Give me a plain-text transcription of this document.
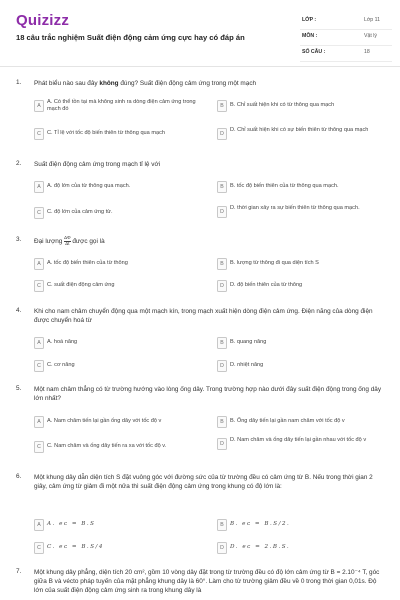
Quizizz
18 câu trắc nghiệm Suất điện động cảm ứng cực hay có đáp án
LỚP :	Lớp 11
MÔN :	Vật lý
SỐ CÂU :	18
1. Phát biểu nào sau đây không đúng? Suất điện động cảm ứng trong một mạch
A
A. Có thể tồn tại mà không sinh ra dòng điện cảm ứng trong mạch đó
B	B. Chỉ suất hiện khi có từ thông qua mạch
C	C. Tỉ lệ với tốc độ biến thiên từ thông qua mạch	D
D. Chỉ suất hiện khi có sự biến thiên từ thông qua mạch
2. Suất điện động cảm ứng trong mạch tỉ lệ với
A	A. độ lớn của từ thông qua mạch.	B	B. tốc độ biến thiên của từ thông qua mạch.
C	C. độ lớn của cảm ứng từ.	D
D. thời gian xảy ra sự biến thiên từ thông qua mạch.
3. Đại lượng $\frac{\Delta\Phi}{\Delta t}$ được gọi là
A	A. tốc độ biến thiên của từ thông	B	B. lượng từ thông đi qua diện tích S
C	C. suất điện động cảm ứng	D	D. độ biến thiên của từ thông
4. Khi cho nam châm chuyển động qua một mạch kín, trong mạch xuất hiện dòng điện cảm ứng. Điện năng của dòng điện được chuyển hoá từ
A	A. hoá năng	B	B. quang năng
C	C. cơ năng	D	D. nhiệt năng
5. Một nam châm thẳng có từ trường hướng vào lòng ống dây. Trong trường hợp nào dưới đây suất điện động trong ống dây lớn nhất?
A	A. Nam châm tiến lại gần ống dây với tốc độ v	B	B. Ống dây tiến lại gần nam châm với tốc độ v
C	C. Nam châm và ống dây tiến ra xa với tốc độ v.	D
D. Nam châm và ống dây tiến lại gần nhau với tốc độ v
6. Một khung dây dẫn diện tích S đặt vuông góc với đường sức của từ trường đều có cảm ứng từ B. Nếu trong thời gian 2 giây, cảm ứng từ giảm đi một nửa thì suất điện động cảm ứng trong khung có độ lớn là:
A	A. eᴄ = B.S	B	B. eᴄ = B.S/2.
C	C. eᴄ = B.S/4	D	D. eᴄ = 2.B.S.
7. Một khung dây phẳng, diện tích 20 cm², gồm 10 vòng dây đặt trong từ trường đều có độ lớn cảm ứng từ B = 2.10⁻⁴ T, góc giữa B và vécto pháp tuyến của mặt phẳng khung dây là 60°. Làm cho từ trường giảm đều về 0 trong thời gian 0,01s. Độ lớn của suất điện động cảm ứng sinh ra trong khung dây là
